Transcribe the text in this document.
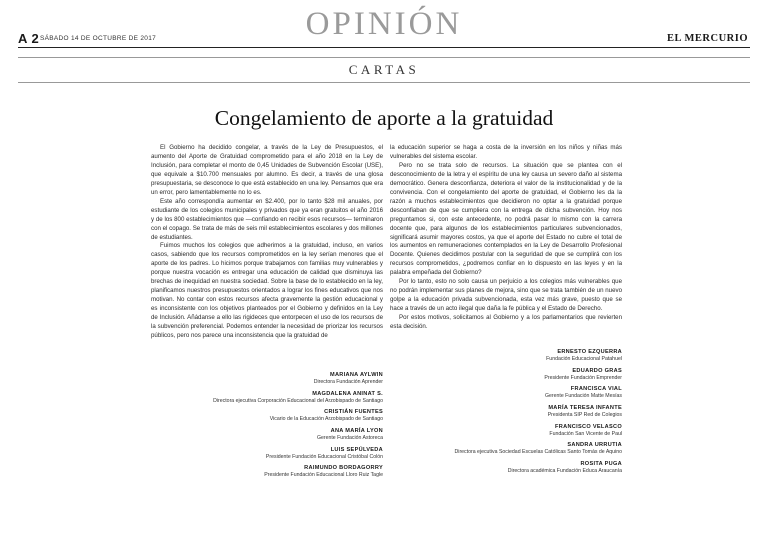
A 2 SÁBADO 14 DE OCTUBRE DE 2017	OPINIÓN	EL MERCURIO
CARTAS
Congelamiento de aporte a la gratuidad

El Gobierno ha decidido congelar, a través de la Ley de Presupuestos, el aumento del Aporte de Gratuidad comprometido para el año 2018 en la Ley de Inclusión, para completar el monto de 0,45 Unidades de Subvención Escolar (USE), que equivale a $10.700 mensuales por alumno. Es decir, a través de una glosa presupuestaria, se desconoce lo que está establecido en una ley. Pensamos que era un error, pero lamentablemente no lo es.

Este año correspondía aumentar en $2.400, por lo tanto $28 mil anuales, por estudiante de los colegios municipales y privados que ya eran gratuitos el año 2016 y de los 800 establecimientos que —confiando en recibir esos recursos— terminaron con el copago. Se trata de más de seis mil establecimientos escolares y dos millones de estudiantes.

Fuimos muchos los colegios que adherimos a la gratuidad, incluso, en varios casos, sabiendo que los recursos comprometidos en la ley serían menores que el aporte de los padres. Lo hicimos porque trabajamos con familias muy vulnerables y porque nuestra vocación es entregar una educación de calidad que disminuya las brechas de inequidad en nuestra sociedad. Sobre la base de lo establecido en la ley, planificamos nuestros presupuestos orientados a lograr los fines educativos que nos motivan. No contar con estos recursos afecta gravemente la gestión educacional y es inconsistente con los objetivos planteados por el Gobierno y definidos en la Ley de Inclusión. Añádanse a ello las rigideces que entorpecen el uso de los recursos de la subvención preferencial. Podemos entender la necesidad de priorizar los recursos públicos, pero nos parece una inconsistencia que la gratuidad de

la educación superior se haga a costa de la inversión en los niños y niñas más vulnerables del sistema escolar.

Pero no se trata solo de recursos. La situación que se plantea con el desconocimiento de la letra y el espíritu de una ley causa un severo daño al sistema democrático. Genera desconfianza, deteriora el valor de la institucionalidad y de la convivencia. Con el congelamiento del aporte de gratuidad, el Gobierno les da la razón a muchos establecimientos que decidieron no optar a la gratuidad porque desconfiaban de que se cumpliera con la entrega de dicha subvención. Hoy nos preguntamos si, con este antecedente, no podrá pasar lo mismo con la carrera docente que, para algunos de los establecimientos particulares subvencionados, significará asumir mayores costos, ya que el aporte del Estado no cubre el total de los aumentos en remuneraciones contemplados en la Ley de Desarrollo Profesional Docente. Quienes decidimos postular con la seguridad de que se cumplirá con los recursos comprometidos, ¿podremos confiar en lo dispuesto en las leyes y en la palabra empeñada del Gobierno?

Por lo tanto, esto no solo causa un perjuicio a los colegios más vulnerables que no podrán implementar sus planes de mejora, sino que se trata también de un nuevo golpe a la educación privada subvencionada, esta vez más grave, puesto que se hace a través de un acto ilegal que daña la fe pública y el Estado de Derecho.

Por estos motivos, solicitamos al Gobierno y a los parlamentarios que revierten esta decisión.

MARIANA AYLWIN
Directora Fundación Aprender
MAGDALENA ANINAT S.
Directora ejecutiva Corporación Educacional del Arzobispado de Santiago
CRISTIÁN FUENTES
Vicario de la Educación Arzobispado de Santiago
ANA MARÍA LYON
Gerente Fundación Astoreca
LUIS SEPÚLVEDA
Presidente Fundación Educacional Cristóbal Colón
RAIMUNDO BORDAGORRY
Presidente Fundación Educacional Lloro Ruiz Tagle
ERNESTO EZQUERRA
Fundación Educacional Patahuel
EDUARDO GRAS
Presidente Fundación Emprender
FRANCISCA VIAL
Gerente Fundación Matte Mesías
MARÍA TERESA INFANTE
Presidenta SIP Red de Colegios
FRANCISCO VELASCO
Fundación San Vicente de Paul
SANDRA URRUTIA
Directora ejecutiva Sociedad Escuelas Católicas Santo Tomás de Aquino
ROSITA PUGA
Directora académica Fundación Educa Araucanía
